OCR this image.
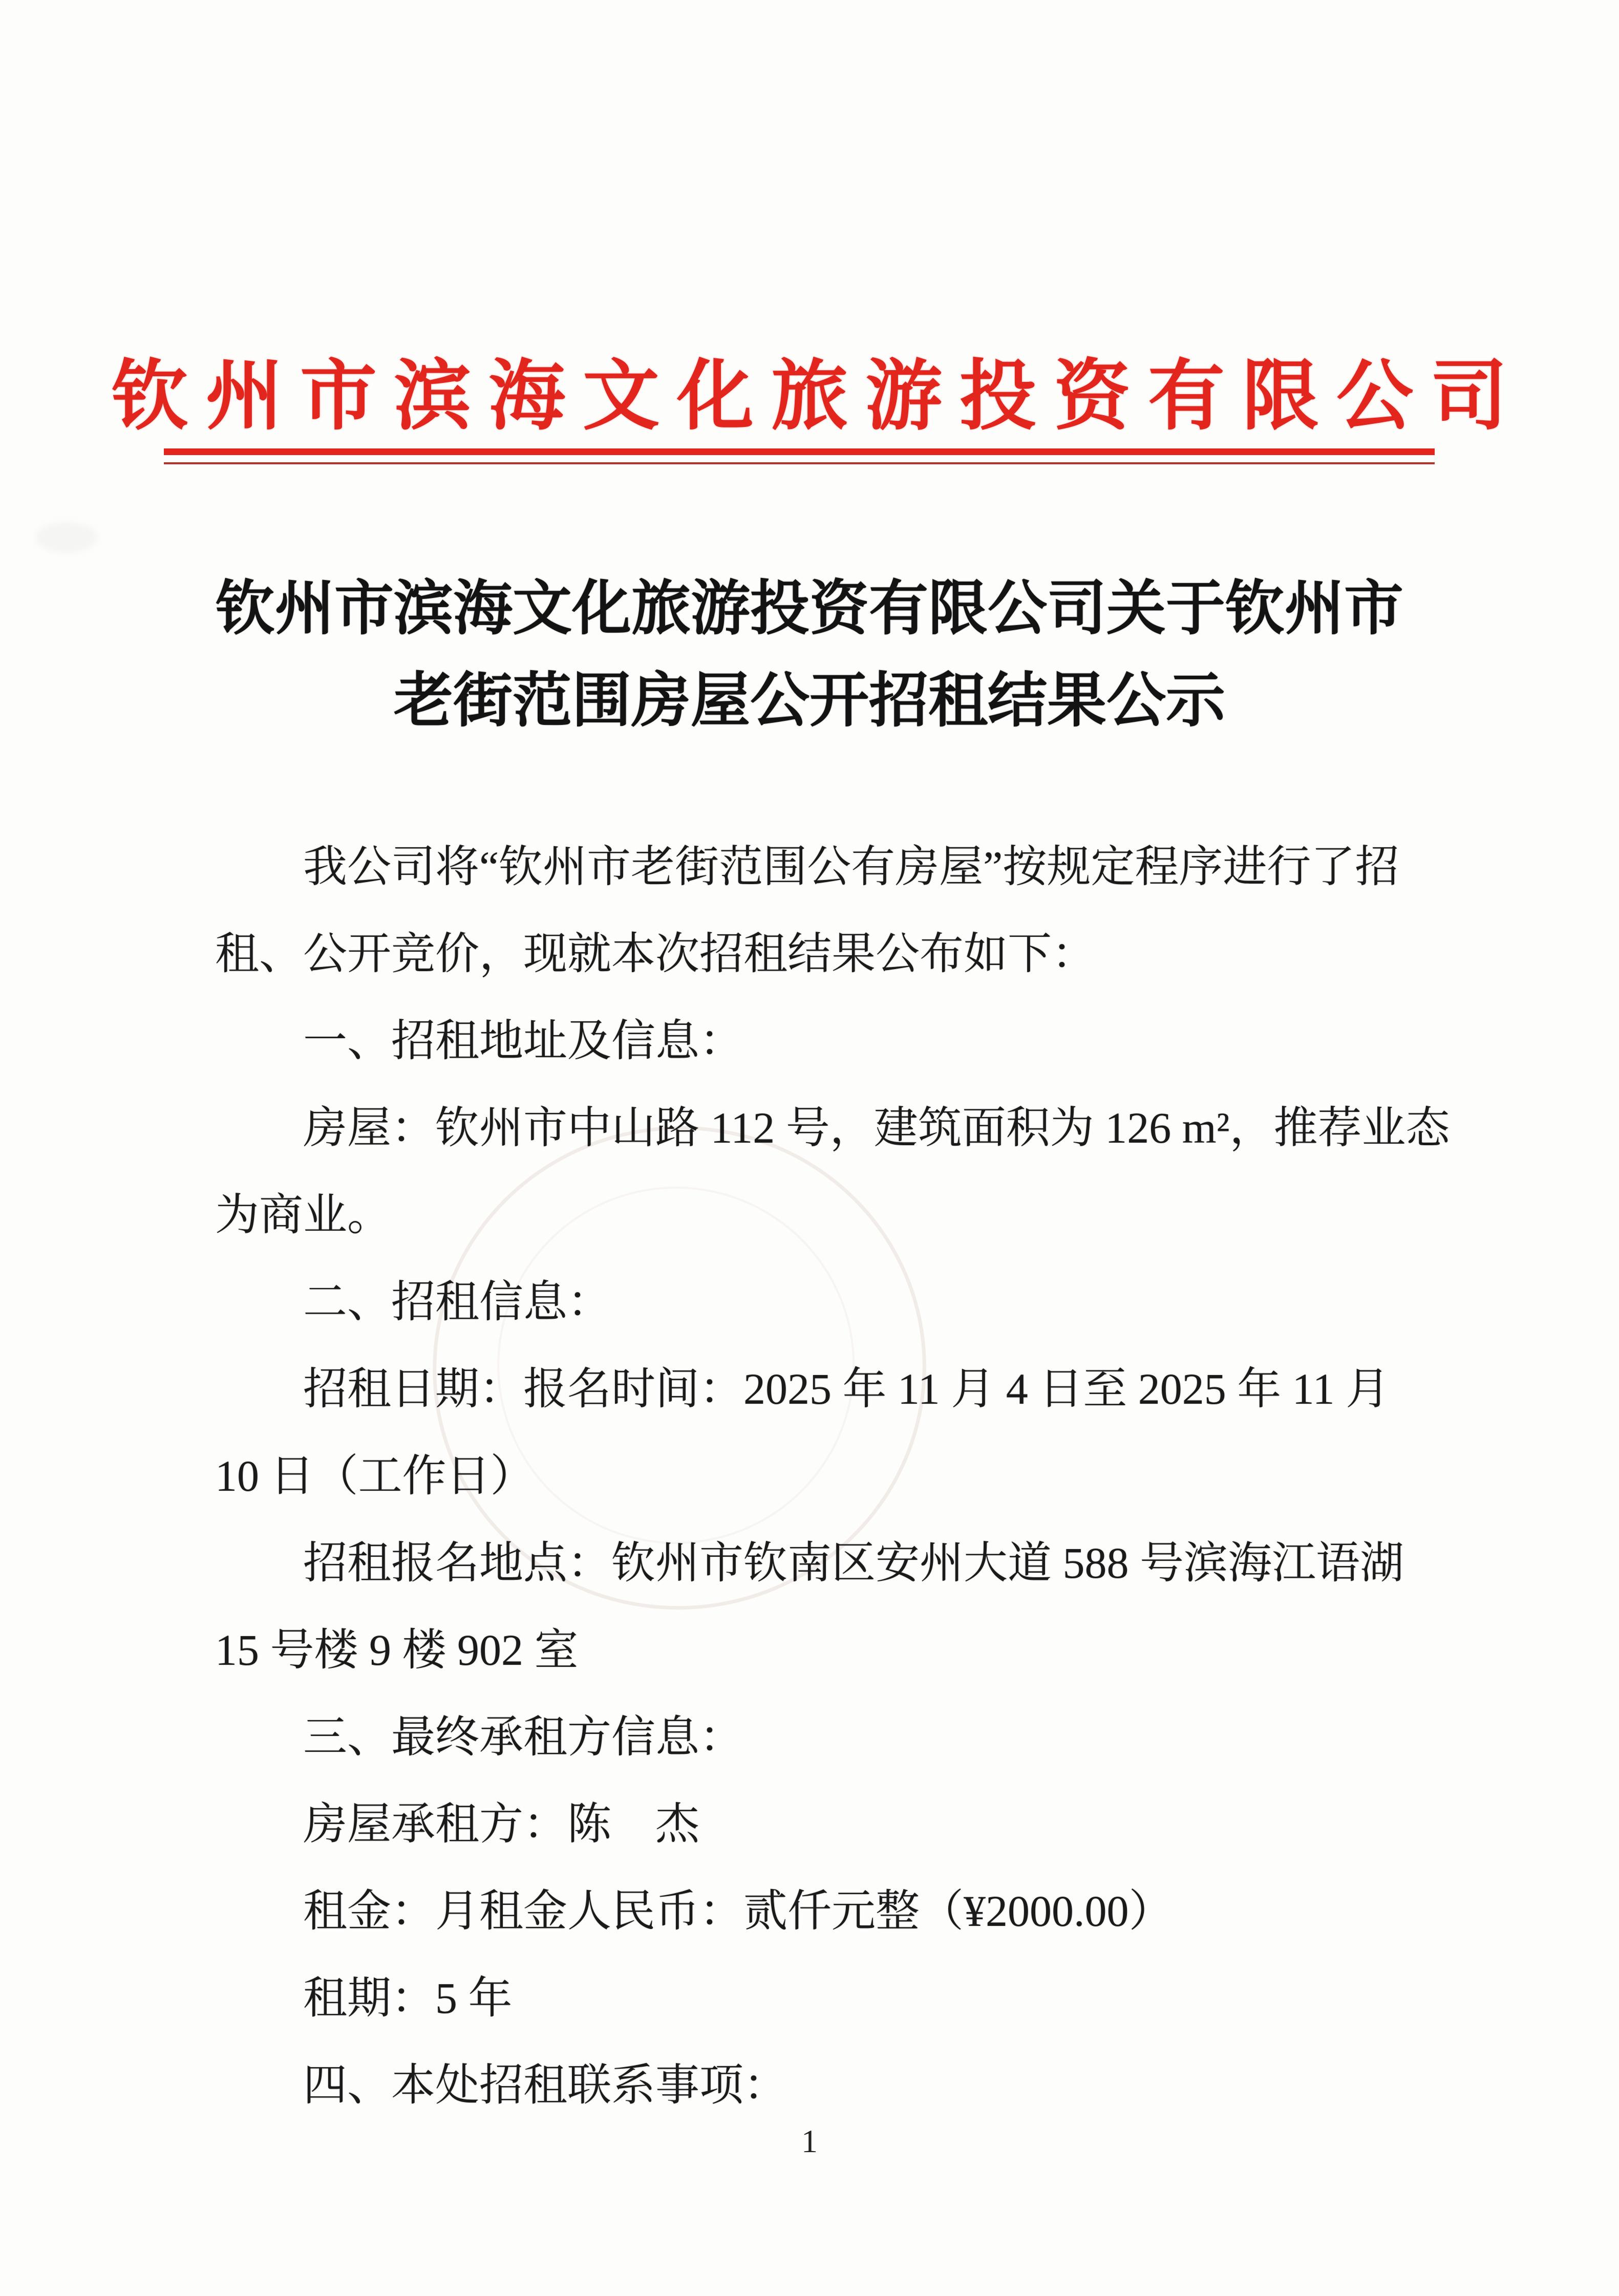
钦州市滨海文化旅游投资有限公司
钦州市滨海文化旅游投资有限公司关于钦州市
老街范围房屋公开招租结果公示
我公司将“钦州市老街范围公有房屋”按规定程序进行了招
租、公开竞价，现就本次招租结果公布如下：
一、招租地址及信息：
房屋：钦州市中山路 112 号，建筑面积为 126 m²，推荐业态
为商业。
二、招租信息：
招租日期：报名时间：2025 年 11 月 4 日至 2025 年 11 月
10 日（工作日）
招租报名地点：钦州市钦南区安州大道 588 号滨海江语湖
15 号楼 9 楼 902 室
三、最终承租方信息：
房屋承租方：陈　杰
租金：月租金人民币：贰仟元整（¥2000.00）
租期：5 年
四、本处招租联系事项：
1
